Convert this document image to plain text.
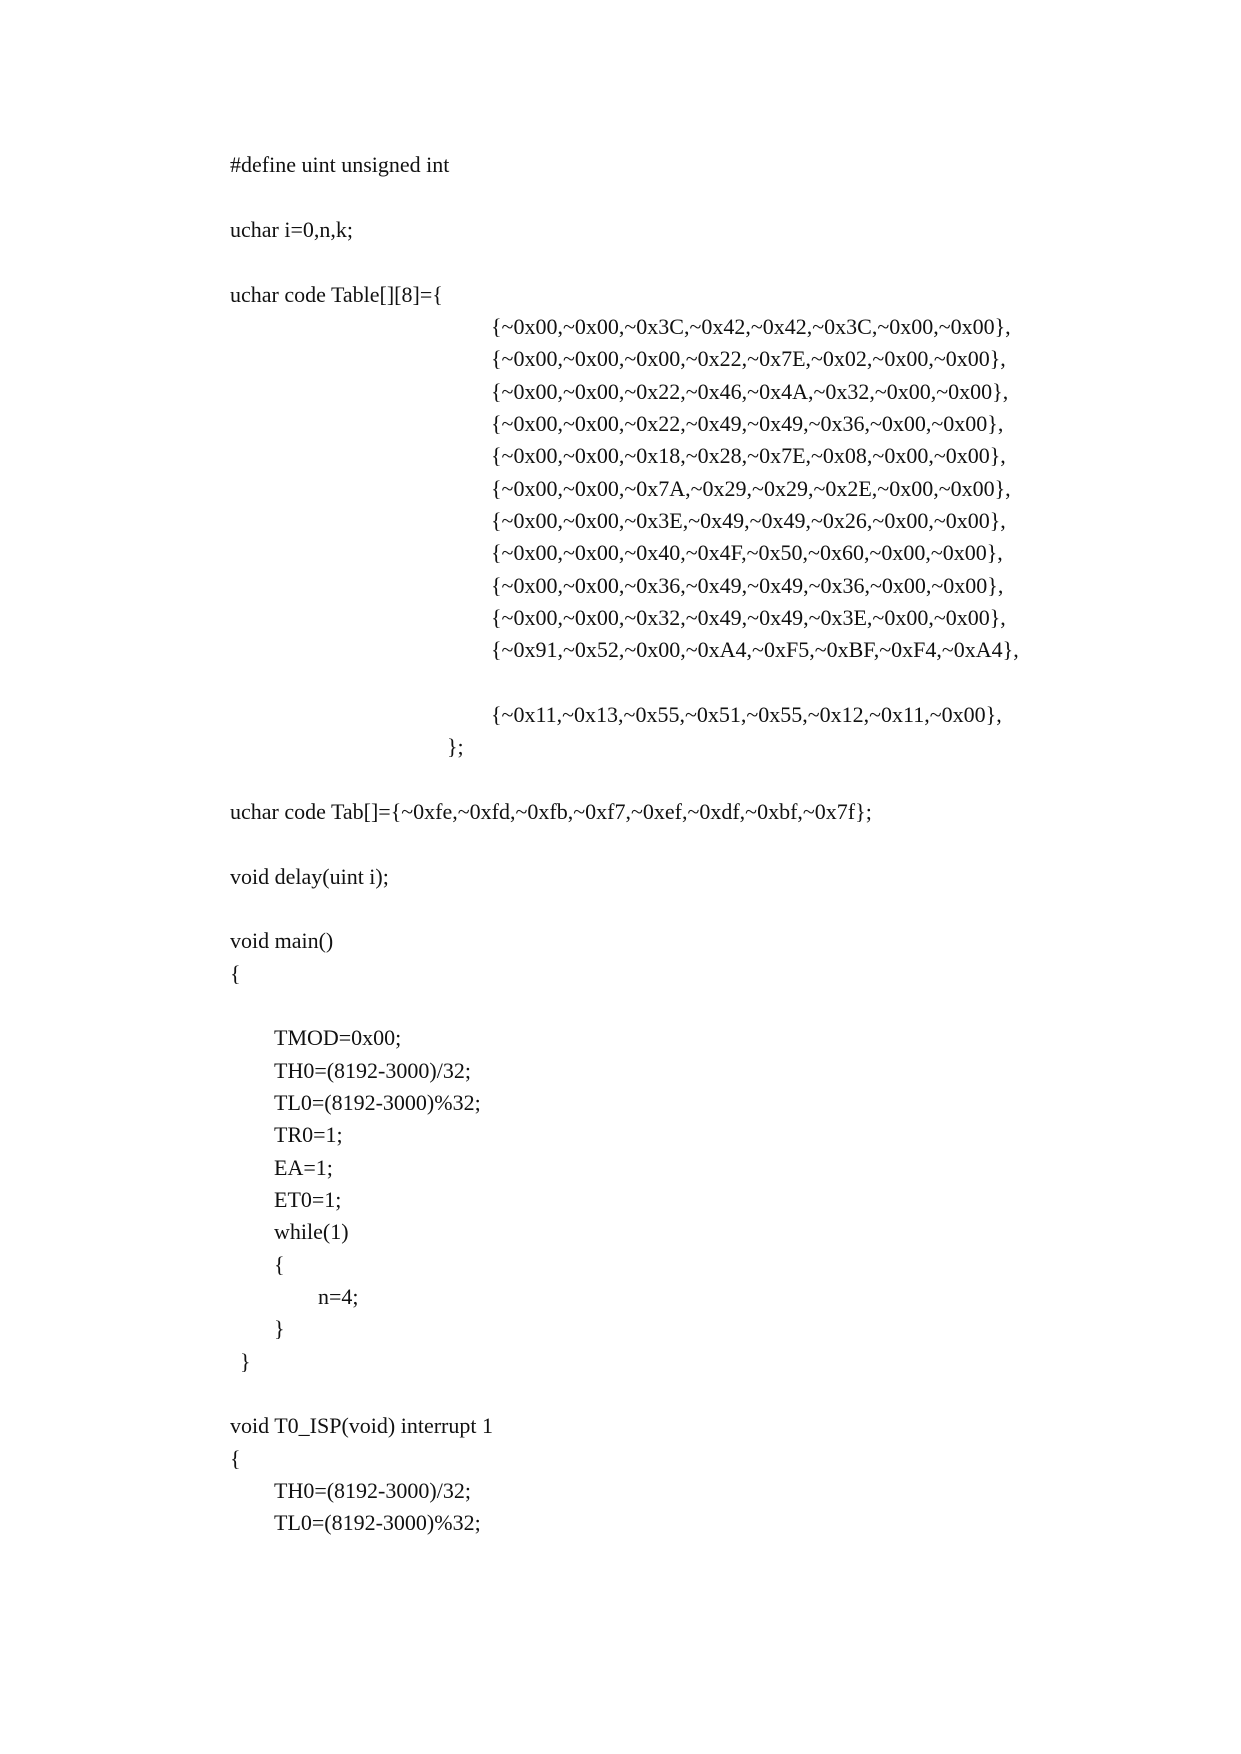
#define uint unsigned int
uchar i=0,n,k;
uchar code Table[][8]={
{~0x00,~0x00,~0x3C,~0x42,~0x42,~0x3C,~0x00,~0x00},
{~0x00,~0x00,~0x00,~0x22,~0x7E,~0x02,~0x00,~0x00},
{~0x00,~0x00,~0x22,~0x46,~0x4A,~0x32,~0x00,~0x00},
{~0x00,~0x00,~0x22,~0x49,~0x49,~0x36,~0x00,~0x00},
{~0x00,~0x00,~0x18,~0x28,~0x7E,~0x08,~0x00,~0x00},
{~0x00,~0x00,~0x7A,~0x29,~0x29,~0x2E,~0x00,~0x00},
{~0x00,~0x00,~0x3E,~0x49,~0x49,~0x26,~0x00,~0x00},
{~0x00,~0x00,~0x40,~0x4F,~0x50,~0x60,~0x00,~0x00},
{~0x00,~0x00,~0x36,~0x49,~0x49,~0x36,~0x00,~0x00},
{~0x00,~0x00,~0x32,~0x49,~0x49,~0x3E,~0x00,~0x00},
{~0x91,~0x52,~0x00,~0xA4,~0xF5,~0xBF,~0xF4,~0xA4},
{~0x11,~0x13,~0x55,~0x51,~0x55,~0x12,~0x11,~0x00},
};
uchar code Tab[]={~0xfe,~0xfd,~0xfb,~0xf7,~0xef,~0xdf,~0xbf,~0x7f};
void delay(uint i);
void main()
{
TMOD=0x00;
TH0=(8192-3000)/32;
TL0=(8192-3000)%32;
TR0=1;
EA=1;
ET0=1;
while(1)
{
n=4;
}
}
void T0_ISP(void) interrupt 1
{
TH0=(8192-3000)/32;
TL0=(8192-3000)%32;
